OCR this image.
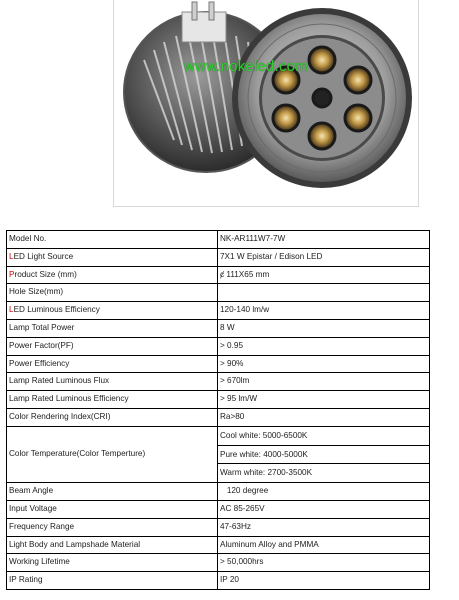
www.nokeled.com
Model No.	NK-AR111W7-7W
LED Light Source	7X1 W Epistar / Edison LED
Product Size (mm)	ȼ 111X65 mm
Hole Size(mm)	
LED Luminous Efficiency	120-140 lm/w
Lamp Total Power	8 W
Power Factor(PF)	> 0.95
Power Efficiency	> 90%
Lamp Rated Luminous Flux	> 670lm
Lamp Rated Luminous Efficiency	> 95 lm/W
Color Rendering Index(CRI)	Ra>80
Color Temperature(Color Temperture)	Cool white: 5000-6500K
Pure white: 4000-5000K
Warm white: 2700-3500K

Beam Angle	120 degree
Input Voltage	AC 85-265V
Frequency Range	47-63Hz
Light Body and Lampshade Material	Aluminum Alloy and PMMA
Working Lifetime	> 50,000hrs
IP Rating	IP 20
